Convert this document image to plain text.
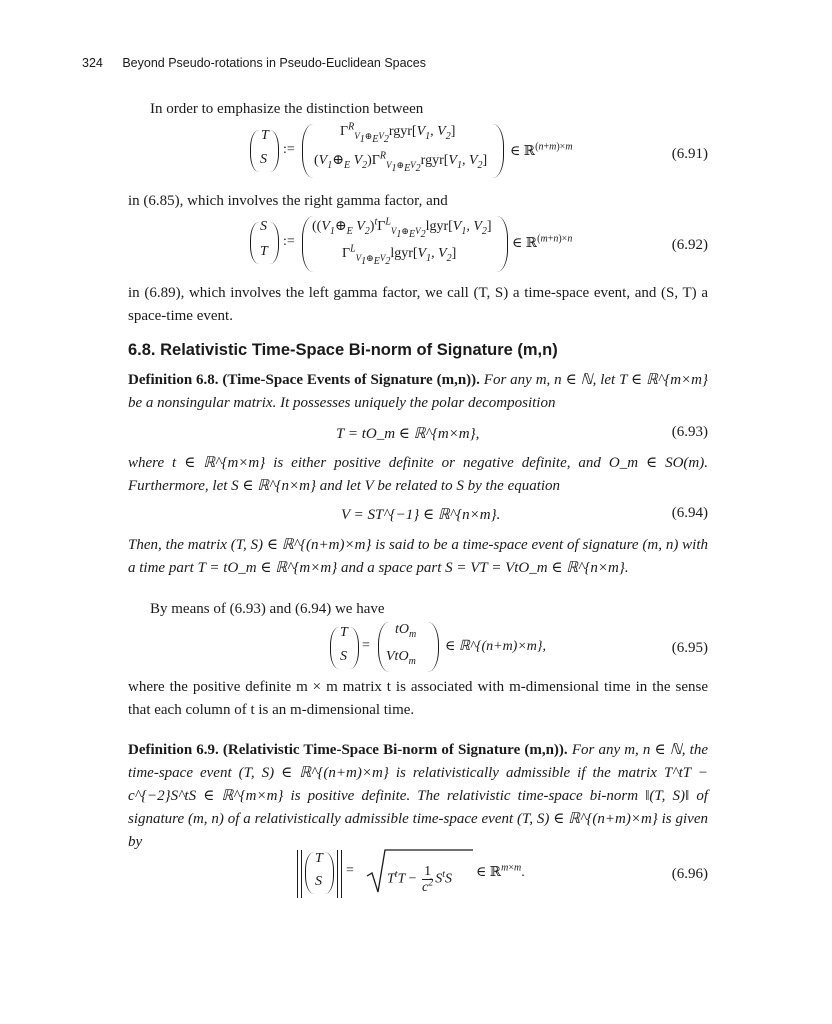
324 Beyond Pseudo-rotations in Pseudo-Euclidean Spaces
In order to emphasize the distinction between
T
S
:=
$\Gamma^R_{V_1\oplus_EV_2}rgyr[V_1$, $V_2$]
($V_1\oplus_E$ $V_2)\Gamma^R_{V_1\oplus_EV_2}rgyr[V_1$, $V_2$]
∈ ℝ$^{(n+m)\times m}$	(6.91)
in (6.85), which involves the right gamma factor, and
S
T
:=
(($V_1\oplus_E$ $V_2)^t\Gamma^L_{V_1\oplus_EV_2}lgyr[V_1$, $V_2$]
$\Gamma^L_{V_1\oplus_EV_2}lgyr[V_1$, $V_2$]
∈ ℝ$^{(m+n)\times n}$	(6.92)
in (6.89), which involves the left gamma factor, we call (T, S) a time-space event, and (S, T) a space-time event.
6.8. Relativistic Time-Space Bi-norm of Signature (m,n)
Definition 6.8. (Time-Space Events of Signature (m,n)). For any m, n ∈ ℕ, let T ∈ ℝ^{m×m} be a nonsingular matrix. It possesses uniquely the polar decomposition
T = tO_m ∈ ℝ^{m×m},	(6.93)
where t ∈ ℝ^{m×m} is either positive definite or negative definite, and O_m ∈ SO(m). Furthermore, let S ∈ ℝ^{n×m} and let V be related to S by the equation
V = ST^{−1} ∈ ℝ^{n×m}.	(6.94)
Then, the matrix (T, S) ∈ ℝ^{(n+m)×m} is said to be a time-space event of signature (m, n) with a time part T = tO_m ∈ ℝ^{m×m} and a space part S = VT = VtO_m ∈ ℝ^{n×m}.
By means of (6.93) and (6.94) we have
T
S
=
$tO_m$
VtO$_m$
∈ ℝ^{(n+m)×m},	(6.95)
where the positive definite m × m matrix t is associated with m-dimensional time in the sense that each column of t is an m-dimensional time.
Definition 6.9. (Relativistic Time-Space Bi-norm of Signature (m,n)). For any m, n ∈ ℕ, the time-space event (T, S) ∈ ℝ^{(n+m)×m} is relativistically admissible if the matrix T^tT − c^{−2}S^tS ∈ ℝ^{m×m} is positive definite. The relativistic time-space bi-norm ‖(T, S)‖ of signature (m, n) of a relativistically admissible time-space event (T, S) ∈ ℝ^{(n+m)×m} is given by
T
S
=
$T^tT - \frac{1}{c^2} S^tS$ ∈ ℝ$^{m\times m}$.	(6.96)
